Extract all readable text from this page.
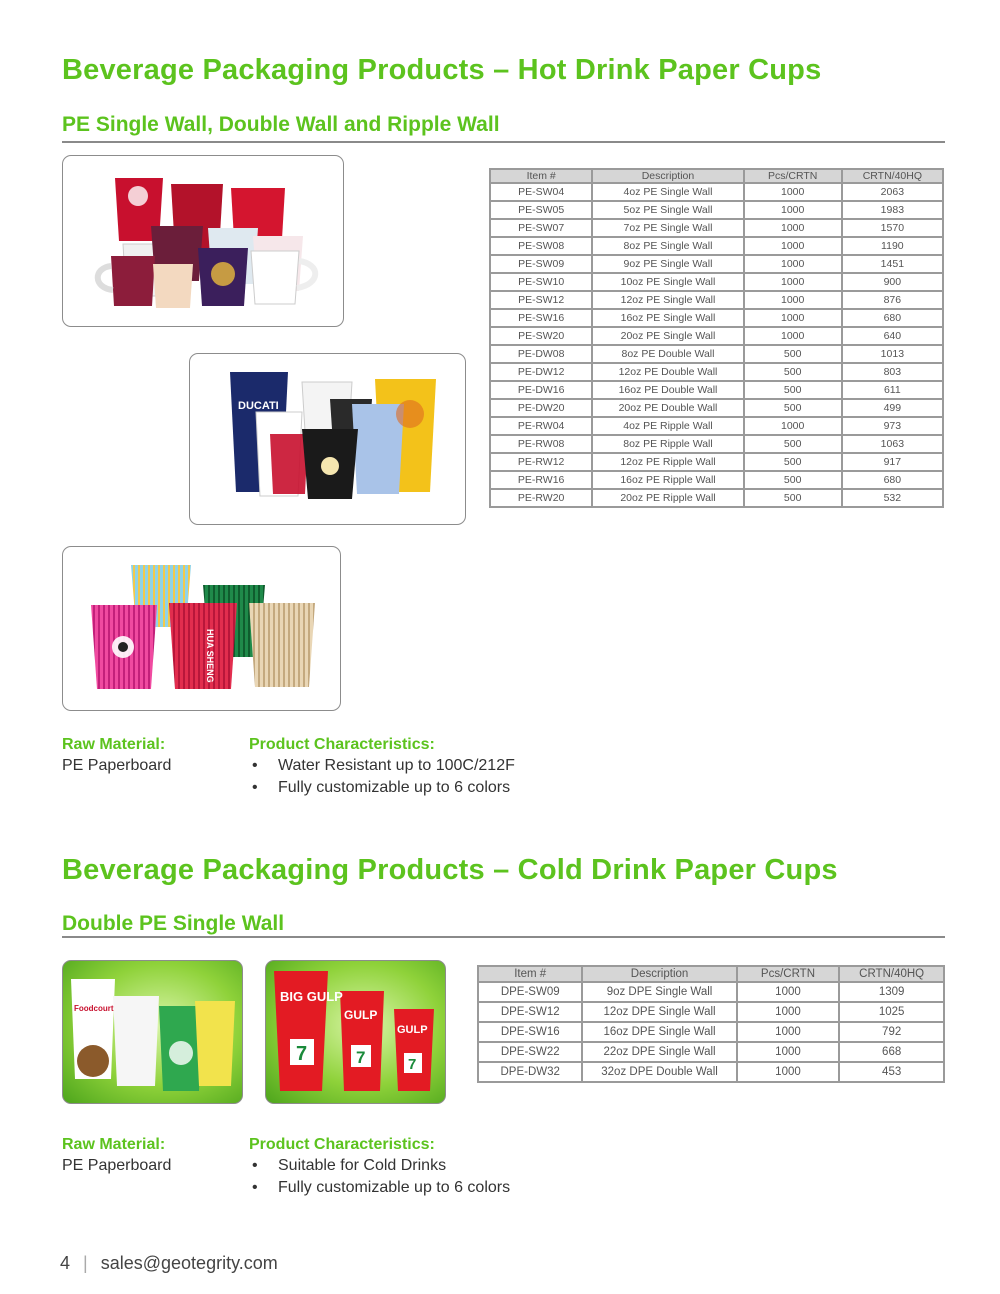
Beverage Packaging Products – Hot Drink Paper Cups
PE Single Wall, Double Wall and Ripple Wall
DUCATI
HUA SHENG
Item #	Description	Pcs/CRTN	CRTN/40HQ
PE-SW04	4oz PE Single Wall	1000	2063
PE-SW05	5oz PE Single Wall	1000	1983
PE-SW07	7oz PE Single Wall	1000	1570
PE-SW08	8oz PE Single Wall	1000	1190
PE-SW09	9oz PE Single Wall	1000	1451
PE-SW10	10oz PE Single Wall	1000	900
PE-SW12	12oz PE Single Wall	1000	876
PE-SW16	16oz PE Single Wall	1000	680
PE-SW20	20oz PE Single Wall	1000	640
PE-DW08	8oz PE Double Wall	500	1013
PE-DW12	12oz PE Double Wall	500	803
PE-DW16	16oz PE Double Wall	500	611
PE-DW20	20oz PE Double Wall	500	499
PE-RW04	4oz PE Ripple Wall	1000	973
PE-RW08	8oz PE Ripple Wall	500	1063
PE-RW12	12oz PE Ripple Wall	500	917
PE-RW16	16oz PE Ripple Wall	500	680
PE-RW20	20oz PE Ripple Wall	500	532
Raw Material:
PE Paperboard
Product Characteristics:
• Water Resistant up to 100C/212F
• Fully customizable up to 6 colors
Beverage Packaging Products – Cold Drink Paper Cups
Double PE Single Wall
Foodcourt
BIG GULP
GULP
GULP
7	7	7
Item #	Description	Pcs/CRTN	CRTN/40HQ
DPE-SW09	9oz DPE Single Wall	1000	1309
DPE-SW12	12oz DPE Single Wall	1000	1025
DPE-SW16	16oz DPE Single Wall	1000	792
DPE-SW22	22oz DPE Single Wall	1000	668
DPE-DW32	32oz DPE Double Wall	1000	453
Raw Material:
PE Paperboard
Product Characteristics:
• Suitable for Cold Drinks
• Fully customizable up to 6 colors
4 | sales@geotegrity.com
